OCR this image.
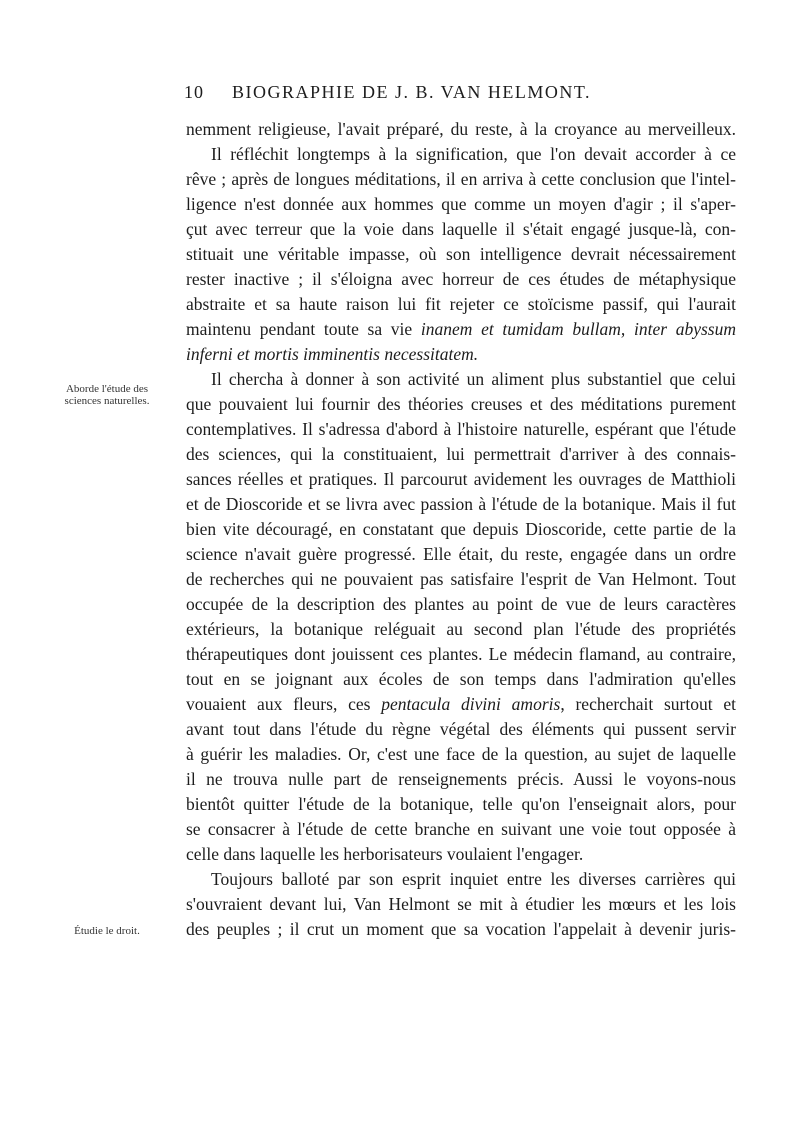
10 BIOGRAPHIE DE J. B. VAN HELMONT.
Aborde l'étude des sciences naturelles.
Étudie le droit.
nemment religieuse, l'avait préparé, du reste, à la croyance au merveilleux.
Il réfléchit longtemps à la signification, que l'on devait accorder à ce
rêve ; après de longues méditations, il en arriva à cette conclusion que l'intel-
ligence n'est donnée aux hommes que comme un moyen d'agir ; il s'aper-
çut avec terreur que la voie dans laquelle il s'était engagé jusque-là, con-
stituait une véritable impasse, où son intelligence devrait nécessairement
rester inactive ; il s'éloigna avec horreur de ces études de métaphysique
abstraite et sa haute raison lui fit rejeter ce stoïcisme passif, qui l'aurait
maintenu pendant toute sa vie inanem et tumidam bullam, inter abyssum
inferni et mortis imminentis necessitatem.
Il chercha à donner à son activité un aliment plus substantiel que celui
que pouvaient lui fournir des théories creuses et des méditations purement
contemplatives. Il s'adressa d'abord à l'histoire naturelle, espérant que l'étude
des sciences, qui la constituaient, lui permettrait d'arriver à des connais-
sances réelles et pratiques. Il parcourut avidement les ouvrages de Matthioli
et de Dioscoride et se livra avec passion à l'étude de la botanique. Mais il fut
bien vite découragé, en constatant que depuis Dioscoride, cette partie de la
science n'avait guère progressé. Elle était, du reste, engagée dans un ordre
de recherches qui ne pouvaient pas satisfaire l'esprit de Van Helmont. Tout
occupée de la description des plantes au point de vue de leurs caractères
extérieurs, la botanique reléguait au second plan l'étude des propriétés
thérapeutiques dont jouissent ces plantes. Le médecin flamand, au contraire,
tout en se joignant aux écoles de son temps dans l'admiration qu'elles
vouaient aux fleurs, ces pentacula divini amoris, recherchait surtout et
avant tout dans l'étude du règne végétal des éléments qui pussent servir
à guérir les maladies. Or, c'est une face de la question, au sujet de laquelle
il ne trouva nulle part de renseignements précis. Aussi le voyons-nous
bientôt quitter l'étude de la botanique, telle qu'on l'enseignait alors, pour
se consacrer à l'étude de cette branche en suivant une voie tout opposée à
celle dans laquelle les herborisateurs voulaient l'engager.
Toujours balloté par son esprit inquiet entre les diverses carrières qui
s'ouvraient devant lui, Van Helmont se mit à étudier les mœurs et les lois
des peuples ; il crut un moment que sa vocation l'appelait à devenir juris-
